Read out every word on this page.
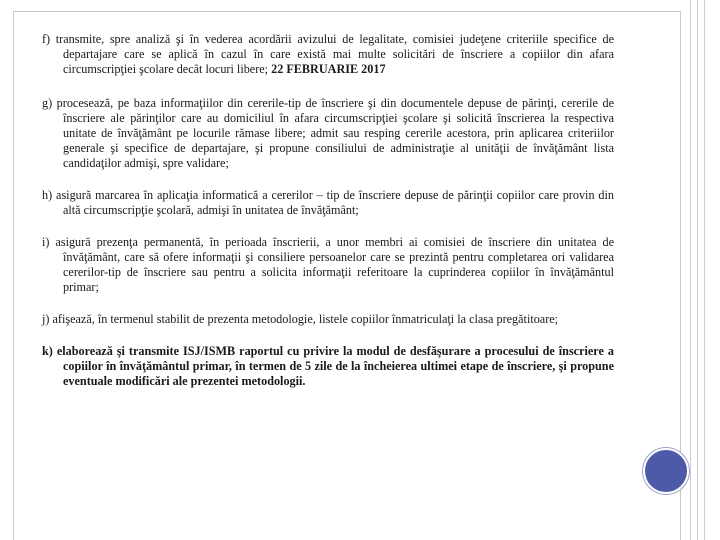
f) transmite, spre analiză şi în vederea acordării avizului de legalitate, comisiei judeţene criteriile specifice de departajare care se aplică în cazul în care există mai multe solicitări de înscriere a copiilor din afara circumscripţiei şcolare decât locuri libere; 22 FEBRUARIE 2017

g) procesează, pe baza informaţiilor din cererile-tip de înscriere şi din documentele depuse de părinţi, cererile de înscriere ale părinţilor care au domiciliul în afara circumscripţiei şcolare şi solicită înscrierea la respectiva unitate de învăţământ pe locurile rămase libere; admit sau resping cererile acestora, prin aplicarea criteriilor generale şi specifice de departajare, şi propune consiliului de administraţie al unităţii de învăţământ lista candidaţilor admişi, spre validare;

h) asigură marcarea în aplicaţia informatică a cererilor – tip de înscriere depuse de părinţii copiilor care provin din altă circumscripţie şcolară, admişi în unitatea de învăţământ;

i) asigură prezenţa permanentă, în perioada înscrierii, a unor membri ai comisiei de înscriere din unitatea de învăţământ, care să ofere informaţii şi consiliere persoanelor care se prezintă pentru completarea ori validarea cererilor-tip de înscriere sau pentru a solicita informaţii referitoare la cuprinderea copiilor în învăţământul primar;

j) afişează, în termenul stabilit de prezenta metodologie, listele copiilor înmatriculaţi la clasa pregătitoare;

k) elaborează şi transmite ISJ/ISMB raportul cu privire la modul de desfăşurare a procesului de înscriere a copiilor în învăţământul primar, în termen de 5 zile de la încheierea ultimei etape de înscriere, şi propune eventuale modificări ale prezentei metodologii.
